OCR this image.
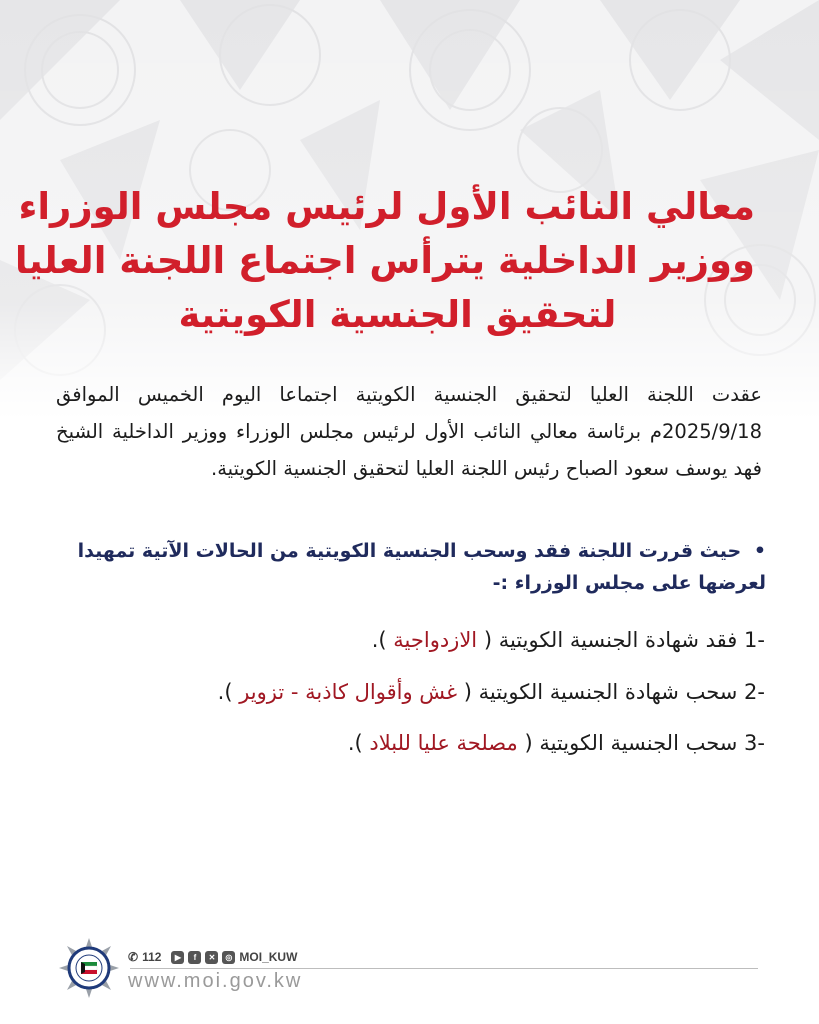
معالي النائب الأول لرئيس مجلس الوزراء
ووزير الداخلية يترأس اجتماع اللجنة العليا
لتحقيق الجنسية الكويتية
عقدت اللجنة العليا لتحقيق الجنسية الكويتية اجتماعا اليوم الخميس الموافق 2025/9/18م برئاسة معالي النائب الأول لرئيس مجلس الوزراء ووزير الداخلية الشيخ فهد يوسف سعود الصباح رئيس اللجنة العليا لتحقيق الجنسية الكويتية.
• حيث قررت اللجنة فقد وسحب الجنسية الكويتية من الحالات الآتية تمهيدا لعرضها على مجلس الوزراء :-
1- فقد شهادة الجنسية الكويتية ( الازدواجية ).
2- سحب شهادة الجنسية الكويتية ( غش وأقوال كاذبة - تزوير ).
3- سحب الجنسية الكويتية ( مصلحة عليا للبلاد ).
✆ 112	▶	f	✕	◎ MOI_KUW
www.moi.gov.kw
